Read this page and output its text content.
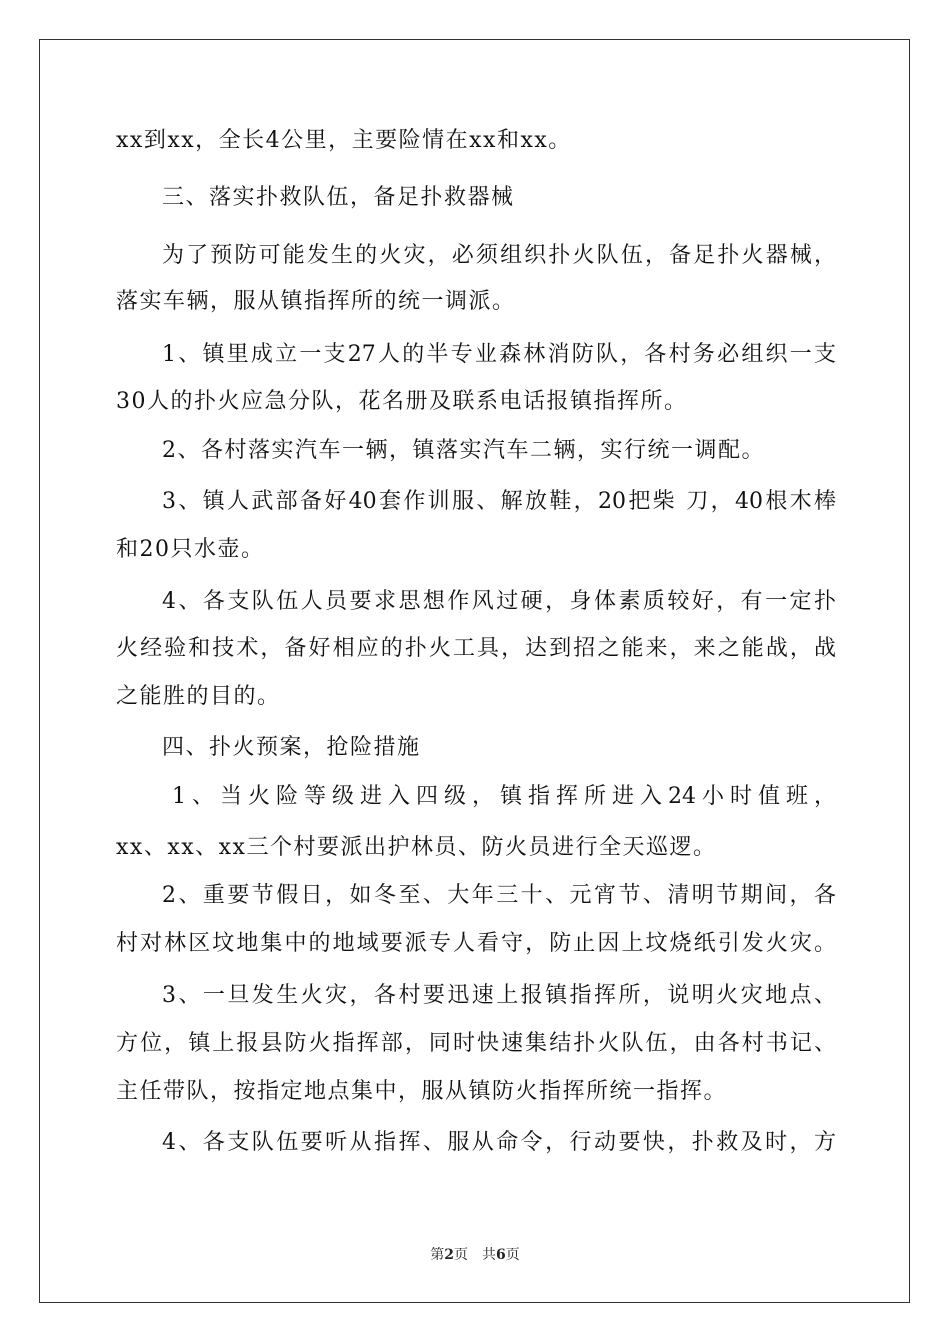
xx到xx，全长4公里，主要险情在xx和xx。
三、落实扑救队伍，备足扑救器械
为了预防可能发生的火灾，必须组织扑火队伍，备足扑火器械，
落实车辆，服从镇指挥所的统一调派。
1、镇里成立一支27人的半专业森林消防队，各村务必组织一支
30人的扑火应急分队，花名册及联系电话报镇指挥所。
2、各村落实汽车一辆，镇落实汽车二辆，实行统一调配。
3、镇人武部备好40套作训服、解放鞋，20把柴 刀，40根木棒
和20只水壶。
4、各支队伍人员要求思想作风过硬，身体素质较好，有一定扑
火经验和技术，备好相应的扑火工具，达到招之能来，来之能战，战
之能胜的目的。
四、扑火预案，抢险措施
1、当火险等级进入四级，镇指挥所进入24小时值班，
xx、xx、xx三个村要派出护林员、防火员进行全天巡逻。
2、重要节假日，如冬至、大年三十、元宵节、清明节期间，各
村对林区坟地集中的地域要派专人看守，防止因上坟烧纸引发火灾。
3、一旦发生火灾，各村要迅速上报镇指挥所，说明火灾地点、
方位，镇上报县防火指挥部，同时快速集结扑火队伍，由各村书记、
主任带队，按指定地点集中，服从镇防火指挥所统一指挥。
4、各支队伍要听从指挥、服从命令，行动要快，扑救及时，方
第2页　共6页
